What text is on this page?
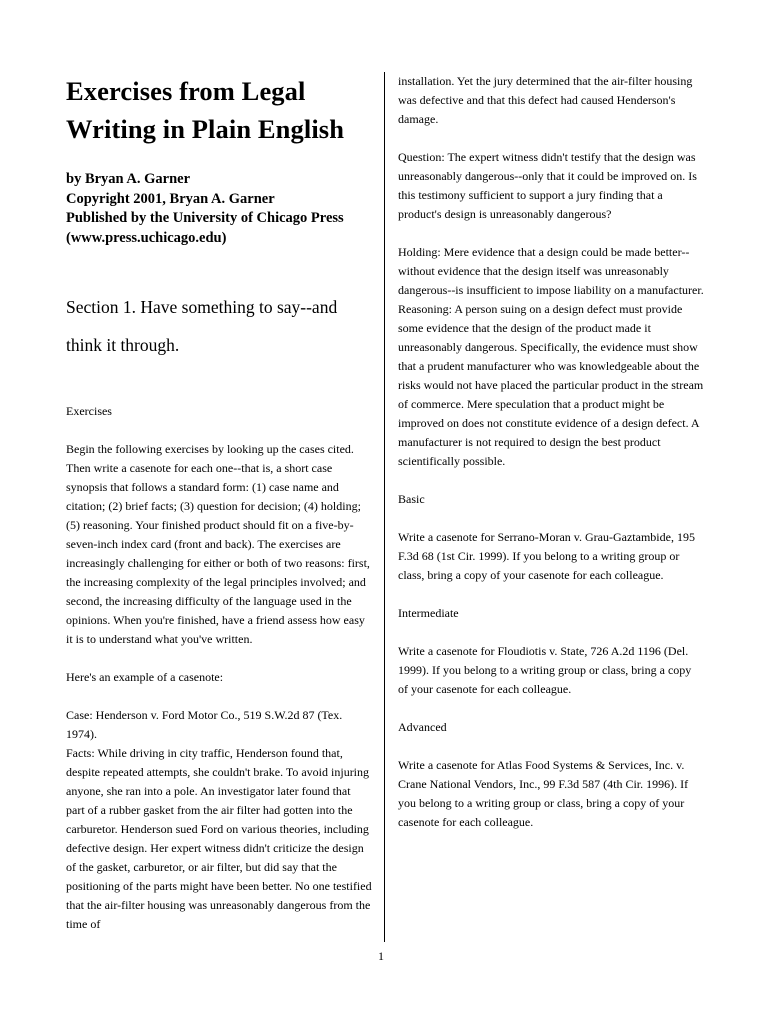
Exercises from Legal Writing in Plain English
by Bryan A. Garner
Copyright 2001, Bryan A. Garner
Published by the University of Chicago Press
(www.press.uchicago.edu)
Section 1. Have something to say--and think it through.

Exercises

Begin the following exercises by looking up the cases cited. Then write a casenote for each one--that is, a short case synopsis that follows a standard form: (1) case name and citation; (2) brief facts; (3) question for decision; (4) holding; (5) reasoning. Your finished product should fit on a five-by-seven-inch index card (front and back). The exercises are increasingly challenging for either or both of two reasons: first, the increasing complexity of the legal principles involved; and second, the increasing difficulty of the language used in the opinions. When you're finished, have a friend assess how easy it is to understand what you've written.

Here's an example of a casenote:

Case: Henderson v. Ford Motor Co., 519 S.W.2d 87 (Tex. 1974).

Facts: While driving in city traffic, Henderson found that, despite repeated attempts, she couldn't brake. To avoid injuring anyone, she ran into a pole. An investigator later found that part of a rubber gasket from the air filter had gotten into the carburetor. Henderson sued Ford on various theories, including defective design. Her expert witness didn't criticize the design of the gasket, carburetor, or air filter, but did say that the positioning of the parts might have been better. No one testified that the air-filter housing was unreasonably dangerous from the time of

installation. Yet the jury determined that the air-filter housing was defective and that this defect had caused Henderson's damage.

Question: The expert witness didn't testify that the design was unreasonably dangerous--only that it could be improved on. Is this testimony sufficient to support a jury finding that a product's design is unreasonably dangerous?

Holding: Mere evidence that a design could be made better--without evidence that the design itself was unreasonably dangerous--is insufficient to impose liability on a manufacturer.

Reasoning: A person suing on a design defect must provide some evidence that the design of the product made it unreasonably dangerous. Specifically, the evidence must show that a prudent manufacturer who was knowledgeable about the risks would not have placed the particular product in the stream of commerce. Mere speculation that a product might be improved on does not constitute evidence of a design defect. A manufacturer is not required to design the best product scientifically possible.

Basic

Write a casenote for Serrano-Moran v. Grau-Gaztambide, 195 F.3d 68 (1st Cir. 1999). If you belong to a writing group or class, bring a copy of your casenote for each colleague.

Intermediate

Write a casenote for Floudiotis v. State, 726 A.2d 1196 (Del. 1999). If you belong to a writing group or class, bring a copy of your casenote for each colleague.

Advanced

Write a casenote for Atlas Food Systems & Services, Inc. v. Crane National Vendors, Inc., 99 F.3d 587 (4th Cir. 1996). If you belong to a writing group or class, bring a copy of your casenote for each colleague.

1
